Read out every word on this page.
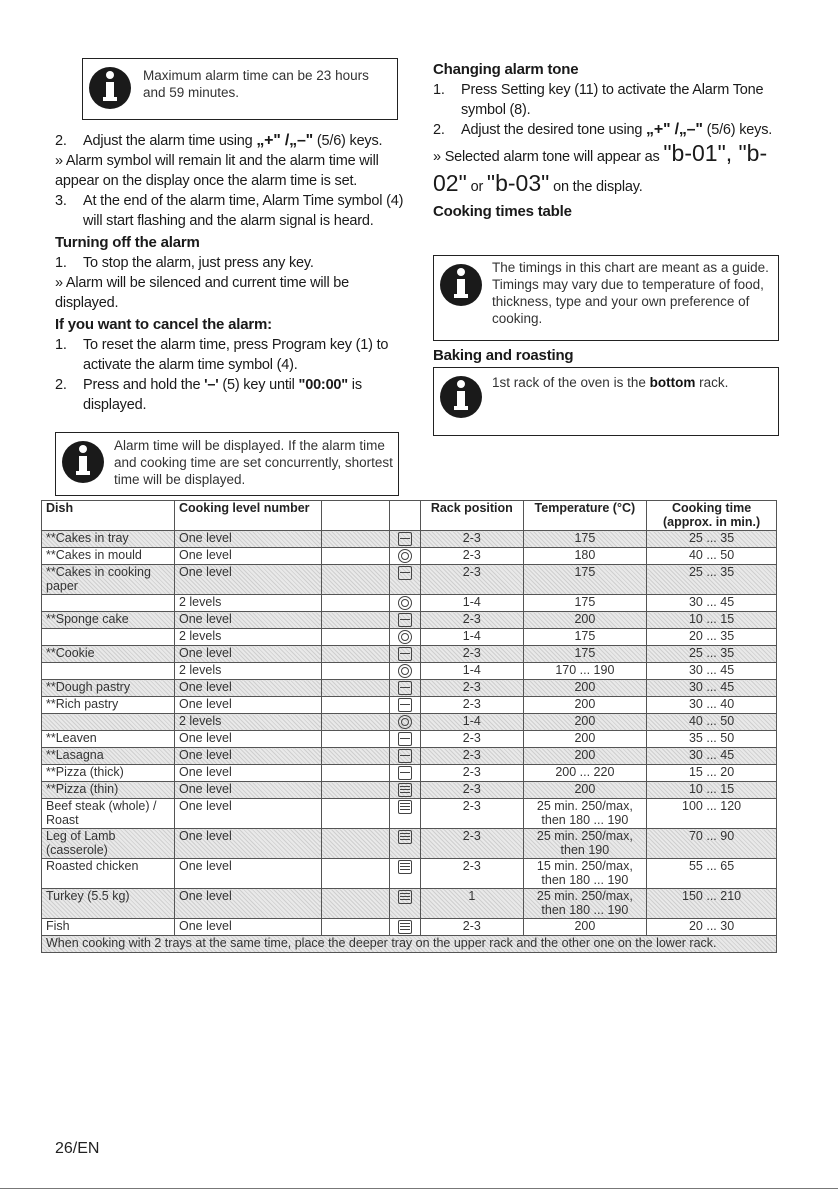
Maximum alarm time can be 23 hours and 59 minutes.

2.	Adjust the alarm time using „+" /„–" (5/6) keys.

» Alarm symbol will remain lit and the alarm time will appear on the display once the alarm time is set.

3.	At the end of the alarm time, Alarm Time symbol (4) will start flashing and the alarm signal is heard.

Turning off the alarm

1.	To stop the alarm, just press any key.

» Alarm will be silenced and current time will be displayed.

If you want to cancel the alarm:

1.	To reset the alarm time, press Program key (1) to activate the alarm time symbol (4).

2.	Press and hold the '–' (5) key until "00:00" is displayed.

Alarm time will be displayed. If the alarm time and cooking time are set concurrently, shortest time will be displayed.

Changing alarm tone

1.	Press Setting key (11) to activate the Alarm Tone symbol (8).

2.	Adjust the desired tone using „+" /„–" (5/6) keys.

» Selected alarm tone will appear as "b-01", "b-02" or "b-03" on the display.

Cooking times table

The timings in this chart are meant as a guide. Timings may vary due to temperature of food, thickness, type and your own preference of cooking.

Baking and roasting

1st rack of the oven is the bottom rack.
Dish	Cooking level number			Rack position	Temperature (°C)	Cooking time (approx. in min.)
**Cakes in tray	One level			2-3	175	25 ... 35
**Cakes in mould	One level			2-3	180	40 ... 50
**Cakes in cooking paper	One level			2-3	175	25 ... 35
	2 levels			1-4	175	30 ... 45
**Sponge cake	One level			2-3	200	10 ... 15
	2 levels			1-4	175	20 ... 35
**Cookie	One level			2-3	175	25 ... 35
	2 levels			1-4	170 ... 190	30 ... 45
**Dough pastry	One level			2-3	200	30 ... 45
**Rich pastry	One level			2-3	200	30 ... 40
	2 levels			1-4	200	40 ... 50
**Leaven	One level			2-3	200	35 ... 50
**Lasagna	One level			2-3	200	30 ... 45
**Pizza (thick)	One level			2-3	200 ... 220	15 ... 20
**Pizza (thin)	One level			2-3	200	10 ... 15
Beef steak (whole) / Roast	One level			2-3	25 min. 250/max, then 180 ... 190	100 ... 120
Leg of Lamb (casserole)	One level			2-3	25 min. 250/max, then 190	70 ... 90
Roasted chicken	One level			2-3	15 min. 250/max, then 180 ... 190	55 ... 65
Turkey (5.5 kg)	One level			1	25 min. 250/max, then 180 ... 190	150 ... 210
Fish	One level			2-3	200	20 ... 30
When cooking with 2 trays at the same time, place the deeper tray on the upper rack and the other one on the lower rack.						
26/EN
